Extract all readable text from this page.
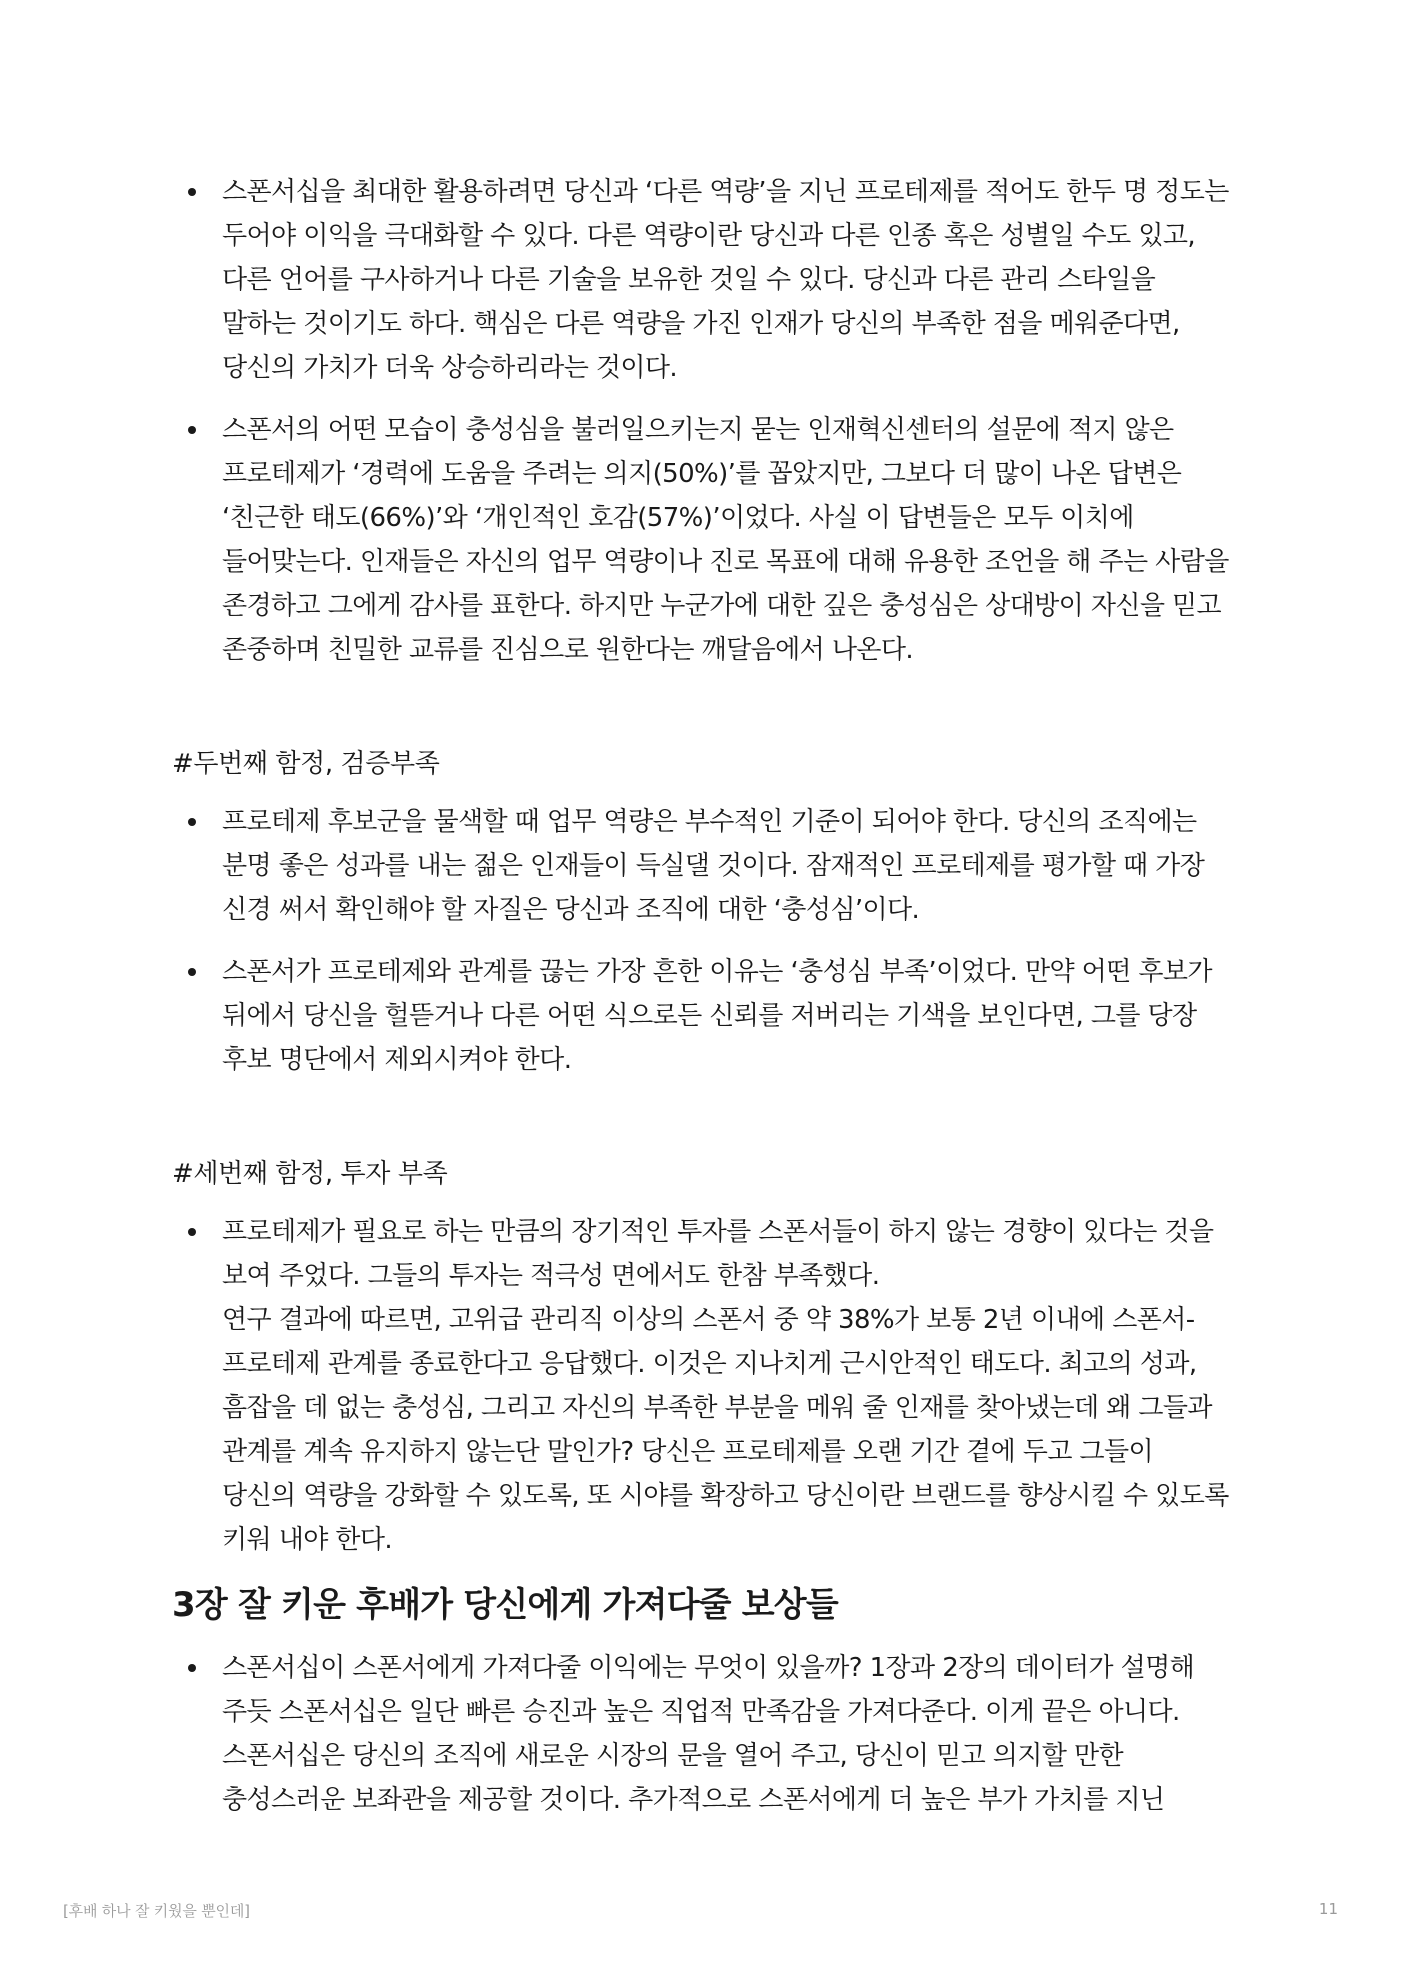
스폰서십을 최대한 활용하려면 당신과 ‘다른 역량’을 지닌 프로테제를 적어도 한두 명 정도는 두어야 이익을 극대화할 수 있다. 다른 역량이란 당신과 다른 인종 혹은 성별일 수도 있고, 다른 언어를 구사하거나 다른 기술을 보유한 것일 수 있다. 당신과 다른 관리 스타일을 말하는 것이기도 하다. 핵심은 다른 역량을 가진 인재가 당신의 부족한 점을 메워준다면, 당신의 가치가 더욱 상승하리라는 것이다.
스폰서의 어떤 모습이 충성심을 불러일으키는지 묻는 인재혁신센터의 설문에 적지 않은 프로테제가 ‘경력에 도움을 주려는 의지(50%)’를 꼽았지만, 그보다 더 많이 나온 답변은 ‘친근한 태도(66%)’와 ‘개인적인 호감(57%)’이었다. 사실 이 답변들은 모두 이치에 들어맞는다. 인재들은 자신의 업무 역량이나 진로 목표에 대해 유용한 조언을 해 주는 사람을 존경하고 그에게 감사를 표한다. 하지만 누군가에 대한 깊은 충성심은 상대방이 자신을 믿고 존중하며 친밀한 교류를 진심으로 원한다는 깨달음에서 나온다.
#두번째 함정, 검증부족
프로테제 후보군을 물색할 때 업무 역량은 부수적인 기준이 되어야 한다. 당신의 조직에는 분명 좋은 성과를 내는 젊은 인재들이 득실댈 것이다. 잠재적인 프로테제를 평가할 때 가장 신경 써서 확인해야 할 자질은 당신과 조직에 대한 ‘충성심’이다.
스폰서가 프로테제와 관계를 끊는 가장 흔한 이유는 ‘충성심 부족’이었다. 만약 어떤 후보가 뒤에서 당신을 헐뜯거나 다른 어떤 식으로든 신뢰를 저버리는 기색을 보인다면, 그를 당장 후보 명단에서 제외시켜야 한다.
#세번째 함정, 투자 부족
프로테제가 필요로 하는 만큼의 장기적인 투자를 스폰서들이 하지 않는 경향이 있다는 것을 보여 주었다. 그들의 투자는 적극성 면에서도 한참 부족했다.
연구 결과에 따르면, 고위급 관리직 이상의 스폰서 중 약 38%가 보통 2년 이내에 스폰서-프로테제 관계를 종료한다고 응답했다. 이것은 지나치게 근시안적인 태도다. 최고의 성과, 흠잡을 데 없는 충성심, 그리고 자신의 부족한 부분을 메워 줄 인재를 찾아냈는데 왜 그들과 관계를 계속 유지하지 않는단 말인가? 당신은 프로테제를 오랜 기간 곁에 두고 그들이 당신의 역량을 강화할 수 있도록, 또 시야를 확장하고 당신이란 브랜드를 향상시킬 수 있도록 키워 내야 한다.
3장 잘 키운 후배가 당신에게 가져다줄 보상들
스폰서십이 스폰서에게 가져다줄 이익에는 무엇이 있을까? 1장과 2장의 데이터가 설명해 주듯 스폰서십은 일단 빠른 승진과 높은 직업적 만족감을 가져다준다. 이게 끝은 아니다. 스폰서십은 당신의 조직에 새로운 시장의 문을 열어 주고, 당신이 믿고 의지할 만한 충성스러운 보좌관을 제공할 것이다. 추가적으로 스폰서에게 더 높은 부가 가치를 지닌
[후배 하나 잘 키웠을 뿐인데]	11
